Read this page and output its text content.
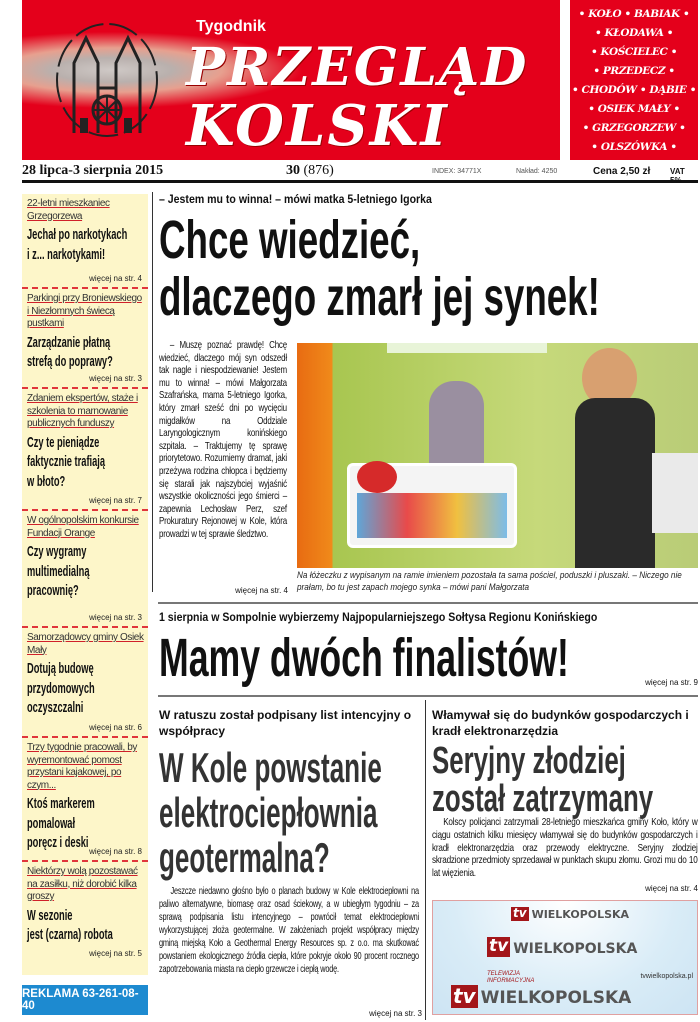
Tygodnik
PRZEGLĄD
KOLSKI
• KOŁO • BABIAK •
• KŁODAWA •
• KOŚCIELEC •
• PRZEDECZ •
• CHODÓW • DĄBIE •
• OSIEK MAŁY •
• GRZEGORZEW •
• OLSZÓWKA •
28 lipca-3 sierpnia 2015	30 (876)	INDEX: 34771X	Nakład: 4250	Cena 2,50 zł VAT 5%
22-letni mieszkaniec Grzegorzewa
Jechał po narkotykach
i z... narkotykami!
więcej na str. 4
Parkingi przy Broniewskiego i Niezłomnych świecą pustkami
Zarządzanie płatną
strefą do poprawy?
więcej na str. 3
Zdaniem ekspertów, staże i szkolenia to marnowanie publicznych funduszy
Czy te pieniądze
faktycznie trafiają
w błoto?
więcej na str. 7
W ogólnopolskim konkursie Fundacji Orange
Czy wygramy
multimedialną
pracownię?
więcej na str. 3
Samorządowcy gminy Osiek Mały
Dotują budowę
przydomowych
oczyszczalni
więcej na str. 6
Trzy tygodnie pracowali, by wyremontować pomost przystani kajakowej, po czym...
Ktoś markerem
pomalował
poręcz i deski
więcej na str. 8
Niektórzy wolą pozostawać na zasiłku, niż dorobić kilka groszy
W sezonie
jest (czarna) robota
więcej na str. 5
REKLAMA 63-261-08-40
– Jestem mu to winna! – mówi matka 5-letniego Igorka
Chce wiedzieć,
dlaczego zmarł jej synek!
– Muszę poznać prawdę! Chcę wiedzieć, dlaczego mój syn odszedł tak nagle i niespodziewanie! Jestem mu to winna! – mówi Małgorzata Szafrańska, mama 5-letniego Igorka, który zmarł sześć dni po wycięciu migdałków na Oddziale Laryngologicznym konińskiego szpitala. – Traktujemy tę sprawę priorytetowo. Rozumiemy dramat, jaki przeżywa rodzina chłopca i będziemy się starali jak najszybciej wyjaśnić wszystkie okoliczności jego śmierci – zapewnia Lechosław Perz, szef Prokuratury Rejonowej w Kole, która prowadzi w tej sprawie śledztwo.
więcej na str. 4
Na łóżeczku z wypisanym na ramie imieniem pozostała ta sama pościel, poduszki i pluszaki. – Niczego nie prałam, bo tu jest zapach mojego synka – mówi pani Małgorzata
1 sierpnia w Sompolnie wybierzemy Najpopularniejszego Sołtysa Regionu Konińskiego
Mamy dwóch finalistów!	więcej na str. 9
W ratuszu został podpisany list intencyjny o współpracy
W Kole powstanie
elektrociepłownia
geotermalna?
Jeszcze niedawno głośno było o planach budowy w Kole elektrociepłowni na paliwo alternatywne, biomasę oraz osad ściekowy, a w ubiegłym tygodniu – za sprawą podpisania listu intencyjnego – powrócił temat elektrociepłowni wykorzystującej złoża geotermalne. W założeniach projekt współpracy między gminą miejską Koło a Geothermal Energy Resources sp. z o.o. ma skutkować powstaniem ekologicznego źródła ciepła, które pokryje około 90 procent rocznego zapotrzebowania miasta na ciepło grzewcze i ciepłą wodę.
więcej na str. 3
Włamywał się do budynków gospodarczych i kradł elektronarzędzia
Seryjny złodziej
został zatrzymany
Kolscy policjanci zatrzymali 28-letniego mieszkańca gminy Koło, który w ciągu ostatnich kilku miesięcy włamywał się do budynków gospodarczych i kradł elektronarzędzia oraz przewody elektryczne. Seryjny złodziej skradzione przedmioty sprzedawał w punktach skupu złomu. Grozi mu do 10 lat więzienia.
więcej na str. 4
tv WIELKOPOLSKA
tv WIELKOPOLSKA
TELEWIZJA
INFORMACYJNA
tv WIELKOPOLSKA
tvwielkopolska.pl
